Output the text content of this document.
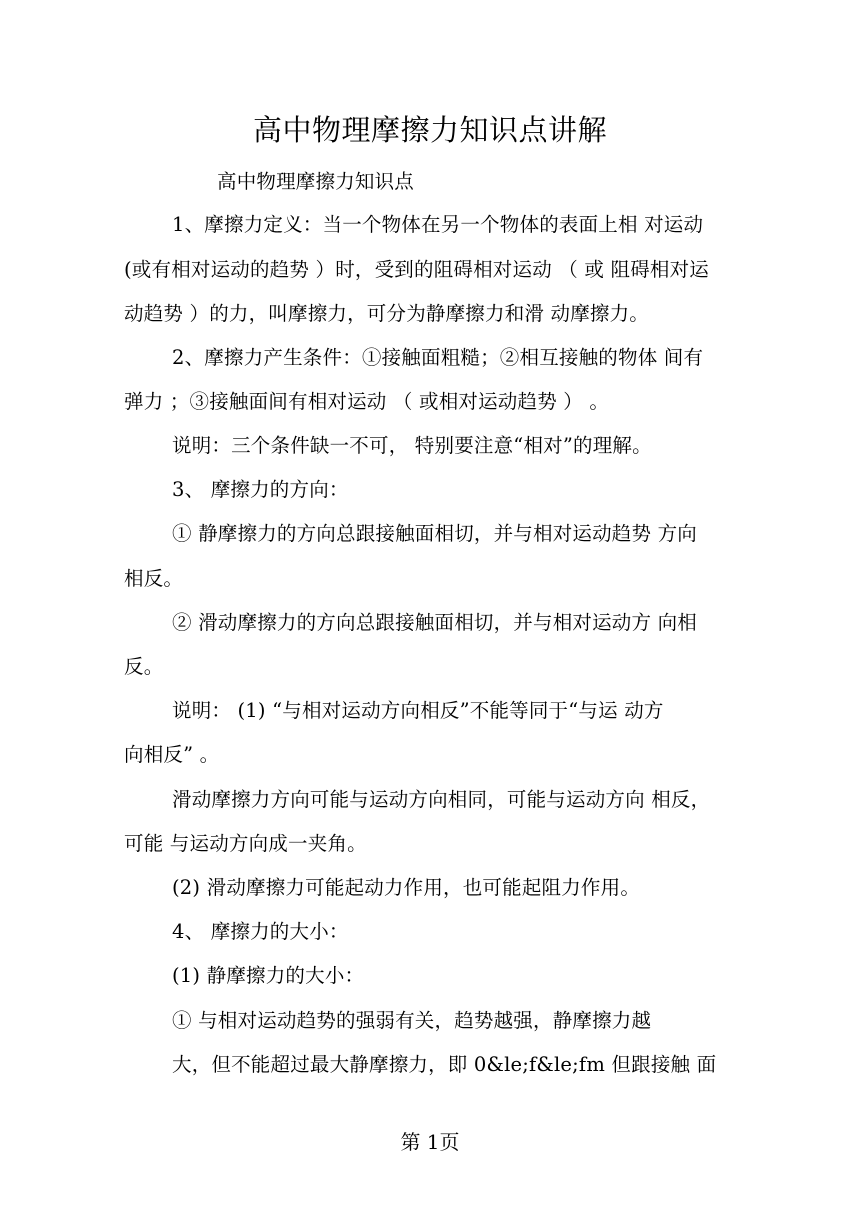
高中物理摩擦力知识点讲解
高中物理摩擦力知识点
1、摩擦力定义：当一个物体在另一个物体的表面上相 对运动
(或有相对运动的趋势 ）时，受到的阻碍相对运动 （ 或 阻碍相对运
动趋势 ）的力，叫摩擦力，可分为静摩擦力和滑 动摩擦力。
2、摩擦力产生条件：①接触面粗糙；②相互接触的物体 间有
弹力 ；③接触面间有相对运动 （ 或相对运动趋势 ） 。
说明：三个条件缺一不可， 特别要注意“相对”的理解。
3、 摩擦力的方向：
① 静摩擦力的方向总跟接触面相切，并与相对运动趋势 方向
相反。
② 滑动摩擦力的方向总跟接触面相切，并与相对运动方 向相
反。
说明： (1) “与相对运动方向相反”不能等同于“与运 动方
向相反” 。
滑动摩擦力方向可能与运动方向相同，可能与运动方向 相反，
可能 与运动方向成一夹角。
(2) 滑动摩擦力可能起动力作用，也可能起阻力作用。
4、 摩擦力的大小：
(1) 静摩擦力的大小：
① 与相对运动趋势的强弱有关，趋势越强，静摩擦力越
大，但不能超过最大静摩擦力，即 0&le;f&le;fm 但跟接触 面
第 1页
